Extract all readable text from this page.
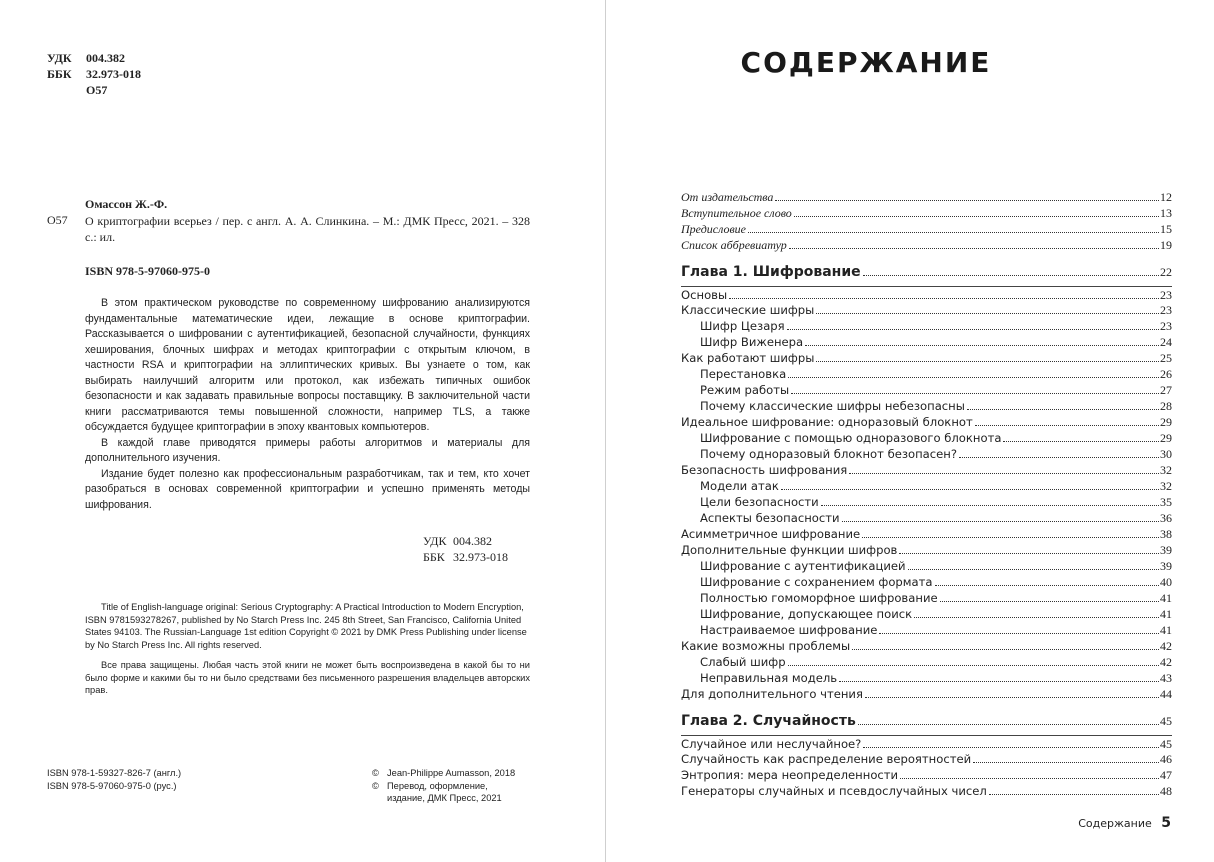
УДК	004.382
ББК	32.973-018
О57
Омассон Ж.-Ф.
О57 О криптографии всерьез / пер. с англ. А. А. Слинкина. – М.: ДМК Пресс, 2021. – 328 с.: ил.
ISBN 978-5-97060-975-0

В этом практическом руководстве по современному шифрованию анализируются фундаментальные математические идеи, лежащие в основе криптографии. Рассказывается о шифровании с аутентификацией, безопасной случайности, функциях хеширования, блочных шифрах и методах криптографии с открытым ключом, в частности RSA и криптографии на эллиптических кривых. Вы узнаете о том, как выбирать наилучший алгоритм или протокол, как избежать типичных ошибок безопасности и как задавать правильные вопросы поставщику. В заключительной части книги рассматриваются темы повышенной сложности, например TLS, а также обсуждается будущее криптографии в эпоху квантовых компьютеров.

В каждой главе приводятся примеры работы алгоритмов и материалы для дополнительного изучения.

Издание будет полезно как профессиональным разработчикам, так и тем, кто хочет разобраться в основах современной криптографии и успешно применять методы шифрования.

УДК 004.382
ББК 32.973-018
Title of English-language original: Serious Cryptography: A Practical Introduction to Modern Encryption, ISBN 9781593278267, published by No Starch Press Inc. 245 8th Street, San Francisco, California United States 94103. The Russian-Language 1st edition Copyright © 2021 by DMK Press Publishing under license by No Starch Press Inc. All rights reserved.
Все права защищены. Любая часть этой книги не может быть воспроизведена в какой бы то ни было форме и какими бы то ни было средствами без письменного разрешения владельцев авторских прав.
ISBN 978-1-59327-826-7 (англ.)
ISBN 978-5-97060-975-0 (рус.)
© Jean-Philippe Aumasson, 2018
© Перевод, оформление, издание, ДМК Пресс, 2021
СОДЕРЖАНИЕ
От издательства	12
Вступительное слово	13
Предисловие	15
Список аббревиатур	19
Глава 1. Шифрование	22
Основы	23
Классические шифры	23
Шифр Цезаря	23
Шифр Виженера	24
Как работают шифры	25
Перестановка	26
Режим работы	27
Почему классические шифры небезопасны	28
Идеальное шифрование: одноразовый блокнот	29
Шифрование с помощью одноразового блокнота	29
Почему одноразовый блокнот безопасен?	30
Безопасность шифрования	32
Модели атак	32
Цели безопасности	35
Аспекты безопасности	36
Асимметричное шифрование	38
Дополнительные функции шифров	39
Шифрование с аутентификацией	39
Шифрование с сохранением формата	40
Полностью гомоморфное шифрование	41
Шифрование, допускающее поиск	41
Настраиваемое шифрование	41
Какие возможны проблемы	42
Слабый шифр	42
Неправильная модель	43
Для дополнительного чтения	44
Глава 2. Случайность	45
Случайное или неслучайное?	45
Случайность как распределение вероятностей	46
Энтропия: мера неопределенности	47
Генераторы случайных и псевдослучайных чисел	48
Содержание 5
